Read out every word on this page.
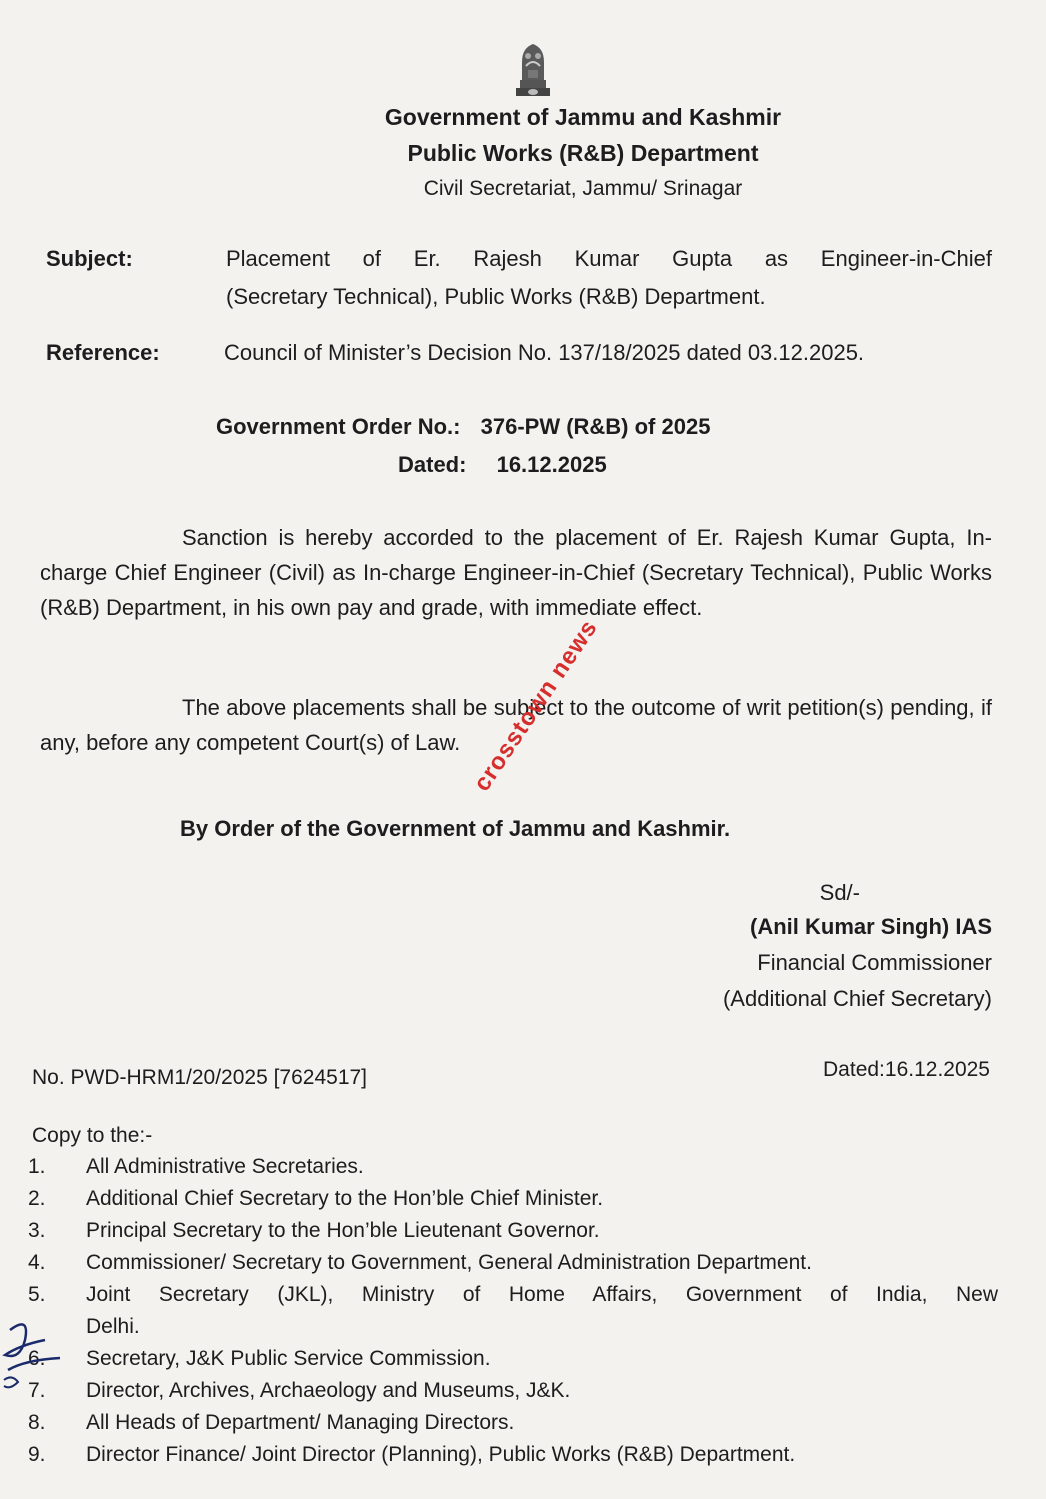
Government of Jammu and Kashmir
Public Works (R&B) Department
Civil Secretariat, Jammu/ Srinagar
Subject:	Placement of Er. Rajesh Kumar Gupta as Engineer-in-Chief
(Secretary Technical), Public Works (R&B) Department.
Reference:	Council of Minister’s Decision No. 137/18/2025 dated 03.12.2025.
Government Order No.: 376-PW (R&B) of 2025
Dated: 16.12.2025
Sanction is hereby accorded to the placement of Er. Rajesh Kumar Gupta, In-charge Chief Engineer (Civil) as In-charge Engineer-in-Chief (Secretary Technical), Public Works (R&B) Department, in his own pay and grade, with immediate effect.
The above placements shall be subject to the outcome of writ petition(s) pending, if any, before any competent Court(s) of Law. crosstown news
By Order of the Government of Jammu and Kashmir.
Sd/-
(Anil Kumar Singh) IAS
Financial Commissioner
(Additional Chief Secretary)
No. PWD-HRM1/20/2025 [7624517]	Dated:16.12.2025
Copy to the:-
1.	All Administrative Secretaries.
2.	Additional Chief Secretary to the Hon’ble Chief Minister.
3.	Principal Secretary to the Hon’ble Lieutenant Governor.
4.	Commissioner/ Secretary to Government, General Administration Department.
5.	Joint Secretary (JKL), Ministry of Home Affairs, Government of India, New
Delhi.
6.	Secretary, J&K Public Service Commission.
7.	Director, Archives, Archaeology and Museums, J&K.
8.	All Heads of Department/ Managing Directors.
9.	Director Finance/ Joint Director (Planning), Public Works (R&B) Department.
